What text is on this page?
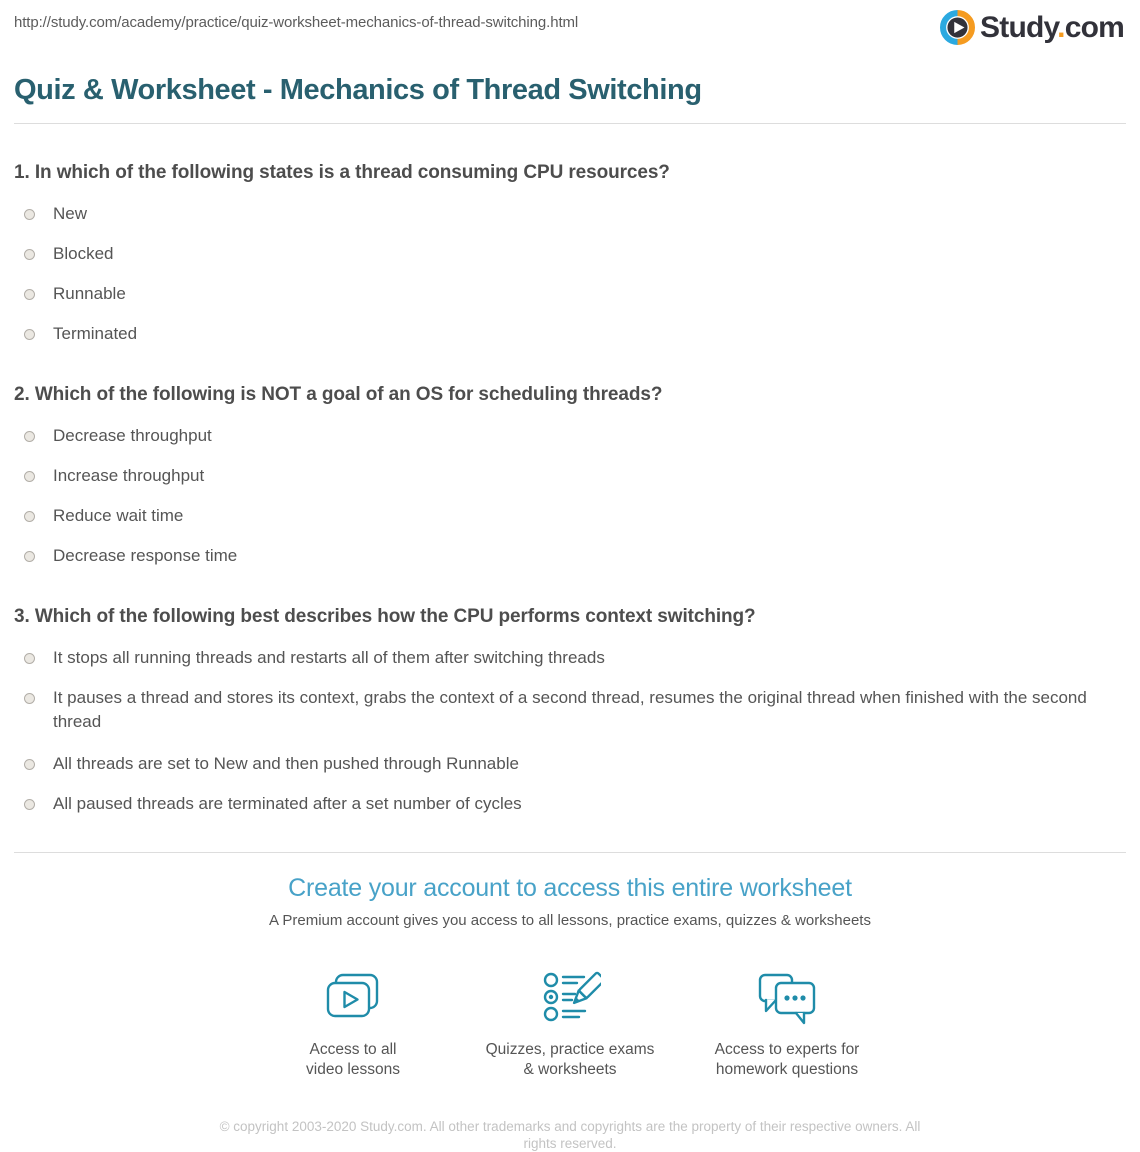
http://study.com/academy/practice/quiz-worksheet-mechanics-of-thread-switching.html	Study.com
Quiz & Worksheet - Mechanics of Thread Switching
1. In which of the following states is a thread consuming CPU resources?
New
Blocked
Runnable
Terminated
2. Which of the following is NOT a goal of an OS for scheduling threads?
Decrease throughput
Increase throughput
Reduce wait time
Decrease response time
3. Which of the following best describes how the CPU performs context switching?
It stops all running threads and restarts all of them after switching threads
It pauses a thread and stores its context, grabs the context of a second thread, resumes the original thread when finished with the second thread
All threads are set to New and then pushed through Runnable
All paused threads are terminated after a set number of cycles
Create your account to access this entire worksheet
A Premium account gives you access to all lessons, practice exams, quizzes & worksheets
Access to all
video lessons
Quizzes, practice exams
& worksheets
Access to experts for
homework questions
© copyright 2003-2020 Study.com. All other trademarks and copyrights are the property of their respective owners. All rights reserved.
